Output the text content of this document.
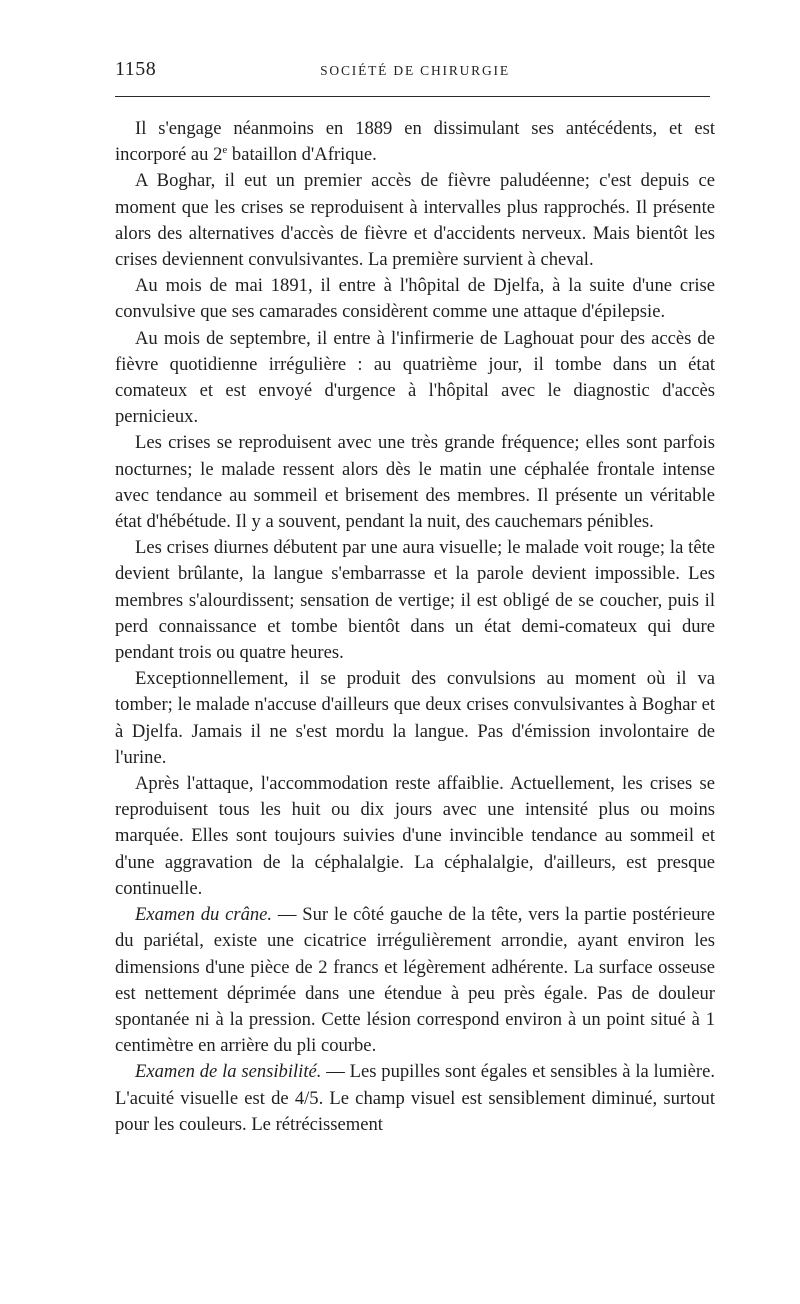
1158	SOCIÉTÉ DE CHIRURGIE

Il s'engage néanmoins en 1889 en dissimulant ses antécédents, et est incorporé au 2e bataillon d'Afrique.

A Boghar, il eut un premier accès de fièvre paludéenne; c'est depuis ce moment que les crises se reproduisent à intervalles plus rapprochés. Il présente alors des alternatives d'accès de fièvre et d'accidents nerveux. Mais bientôt les crises deviennent convulsivantes. La première survient à cheval.

Au mois de mai 1891, il entre à l'hôpital de Djelfa, à la suite d'une crise convulsive que ses camarades considèrent comme une attaque d'épilepsie.

Au mois de septembre, il entre à l'infirmerie de Laghouat pour des accès de fièvre quotidienne irrégulière : au quatrième jour, il tombe dans un état comateux et est envoyé d'urgence à l'hôpital avec le diagnostic d'accès pernicieux.

Les crises se reproduisent avec une très grande fréquence; elles sont parfois nocturnes; le malade ressent alors dès le matin une céphalée frontale intense avec tendance au sommeil et brisement des membres. Il présente un véritable état d'hébétude. Il y a souvent, pendant la nuit, des cauchemars pénibles.

Les crises diurnes débutent par une aura visuelle; le malade voit rouge; la tête devient brûlante, la langue s'embarrasse et la parole devient impossible. Les membres s'alourdissent; sensation de vertige; il est obligé de se coucher, puis il perd connaissance et tombe bientôt dans un état demi-comateux qui dure pendant trois ou quatre heures.

Exceptionnellement, il se produit des convulsions au moment où il va tomber; le malade n'accuse d'ailleurs que deux crises convulsivantes à Boghar et à Djelfa. Jamais il ne s'est mordu la langue. Pas d'émission involontaire de l'urine.

Après l'attaque, l'accommodation reste affaiblie. Actuellement, les crises se reproduisent tous les huit ou dix jours avec une intensité plus ou moins marquée. Elles sont toujours suivies d'une invincible tendance au sommeil et d'une aggravation de la céphalalgie. La céphalalgie, d'ailleurs, est presque continuelle.

Examen du crâne. — Sur le côté gauche de la tête, vers la partie postérieure du pariétal, existe une cicatrice irrégulièrement arrondie, ayant environ les dimensions d'une pièce de 2 francs et légèrement adhérente. La surface osseuse est nettement déprimée dans une étendue à peu près égale. Pas de douleur spontanée ni à la pression. Cette lésion correspond environ à un point situé à 1 centimètre en arrière du pli courbe.

Examen de la sensibilité. — Les pupilles sont égales et sensibles à la lumière. L'acuité visuelle est de 4/5. Le champ visuel est sensiblement diminué, surtout pour les couleurs. Le rétrécissement
